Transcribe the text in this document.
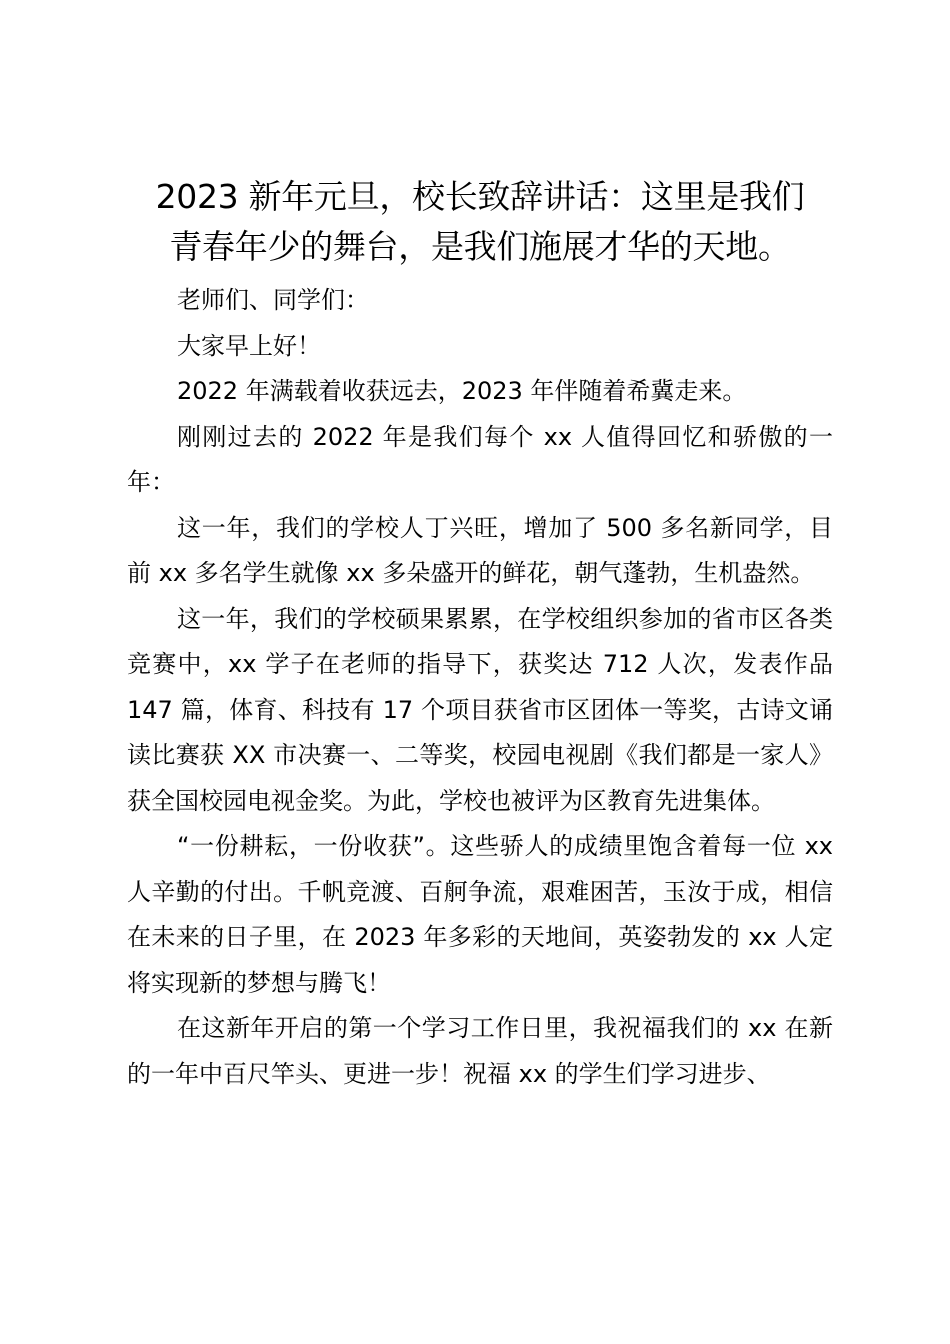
2023 新年元旦，校长致辞讲话：这里是我们
青春年少的舞台，是我们施展才华的天地。

老师们、同学们：

大家早上好！

2022 年满载着收获远去，2023 年伴随着希冀走来。

刚刚过去的 2022 年是我们每个 xx 人值得回忆和骄傲的一年：

这一年，我们的学校人丁兴旺，增加了 500 多名新同学，目前 xx 多名学生就像 xx 多朵盛开的鲜花，朝气蓬勃，生机盎然。

这一年，我们的学校硕果累累，在学校组织参加的省市区各类竞赛中，xx 学子在老师的指导下，获奖达 712 人次，发表作品 147 篇，体育、科技有 17 个项目获省市区团体一等奖，古诗文诵读比赛获 XX 市决赛一、二等奖，校园电视剧《我们都是一家人》获全国校园电视金奖。为此，学校也被评为区教育先进集体。

“一份耕耘，一份收获”。这些骄人的成绩里饱含着每一位 xx 人辛勤的付出。千帆竞渡、百舸争流，艰难困苦，玉汝于成，相信在未来的日子里，在 2023 年多彩的天地间，英姿勃发的 xx 人定将实现新的梦想与腾飞！

在这新年开启的第一个学习工作日里，我祝福我们的 xx 在新的一年中百尺竿头、更进一步！祝福 xx 的学生们学习进步、
